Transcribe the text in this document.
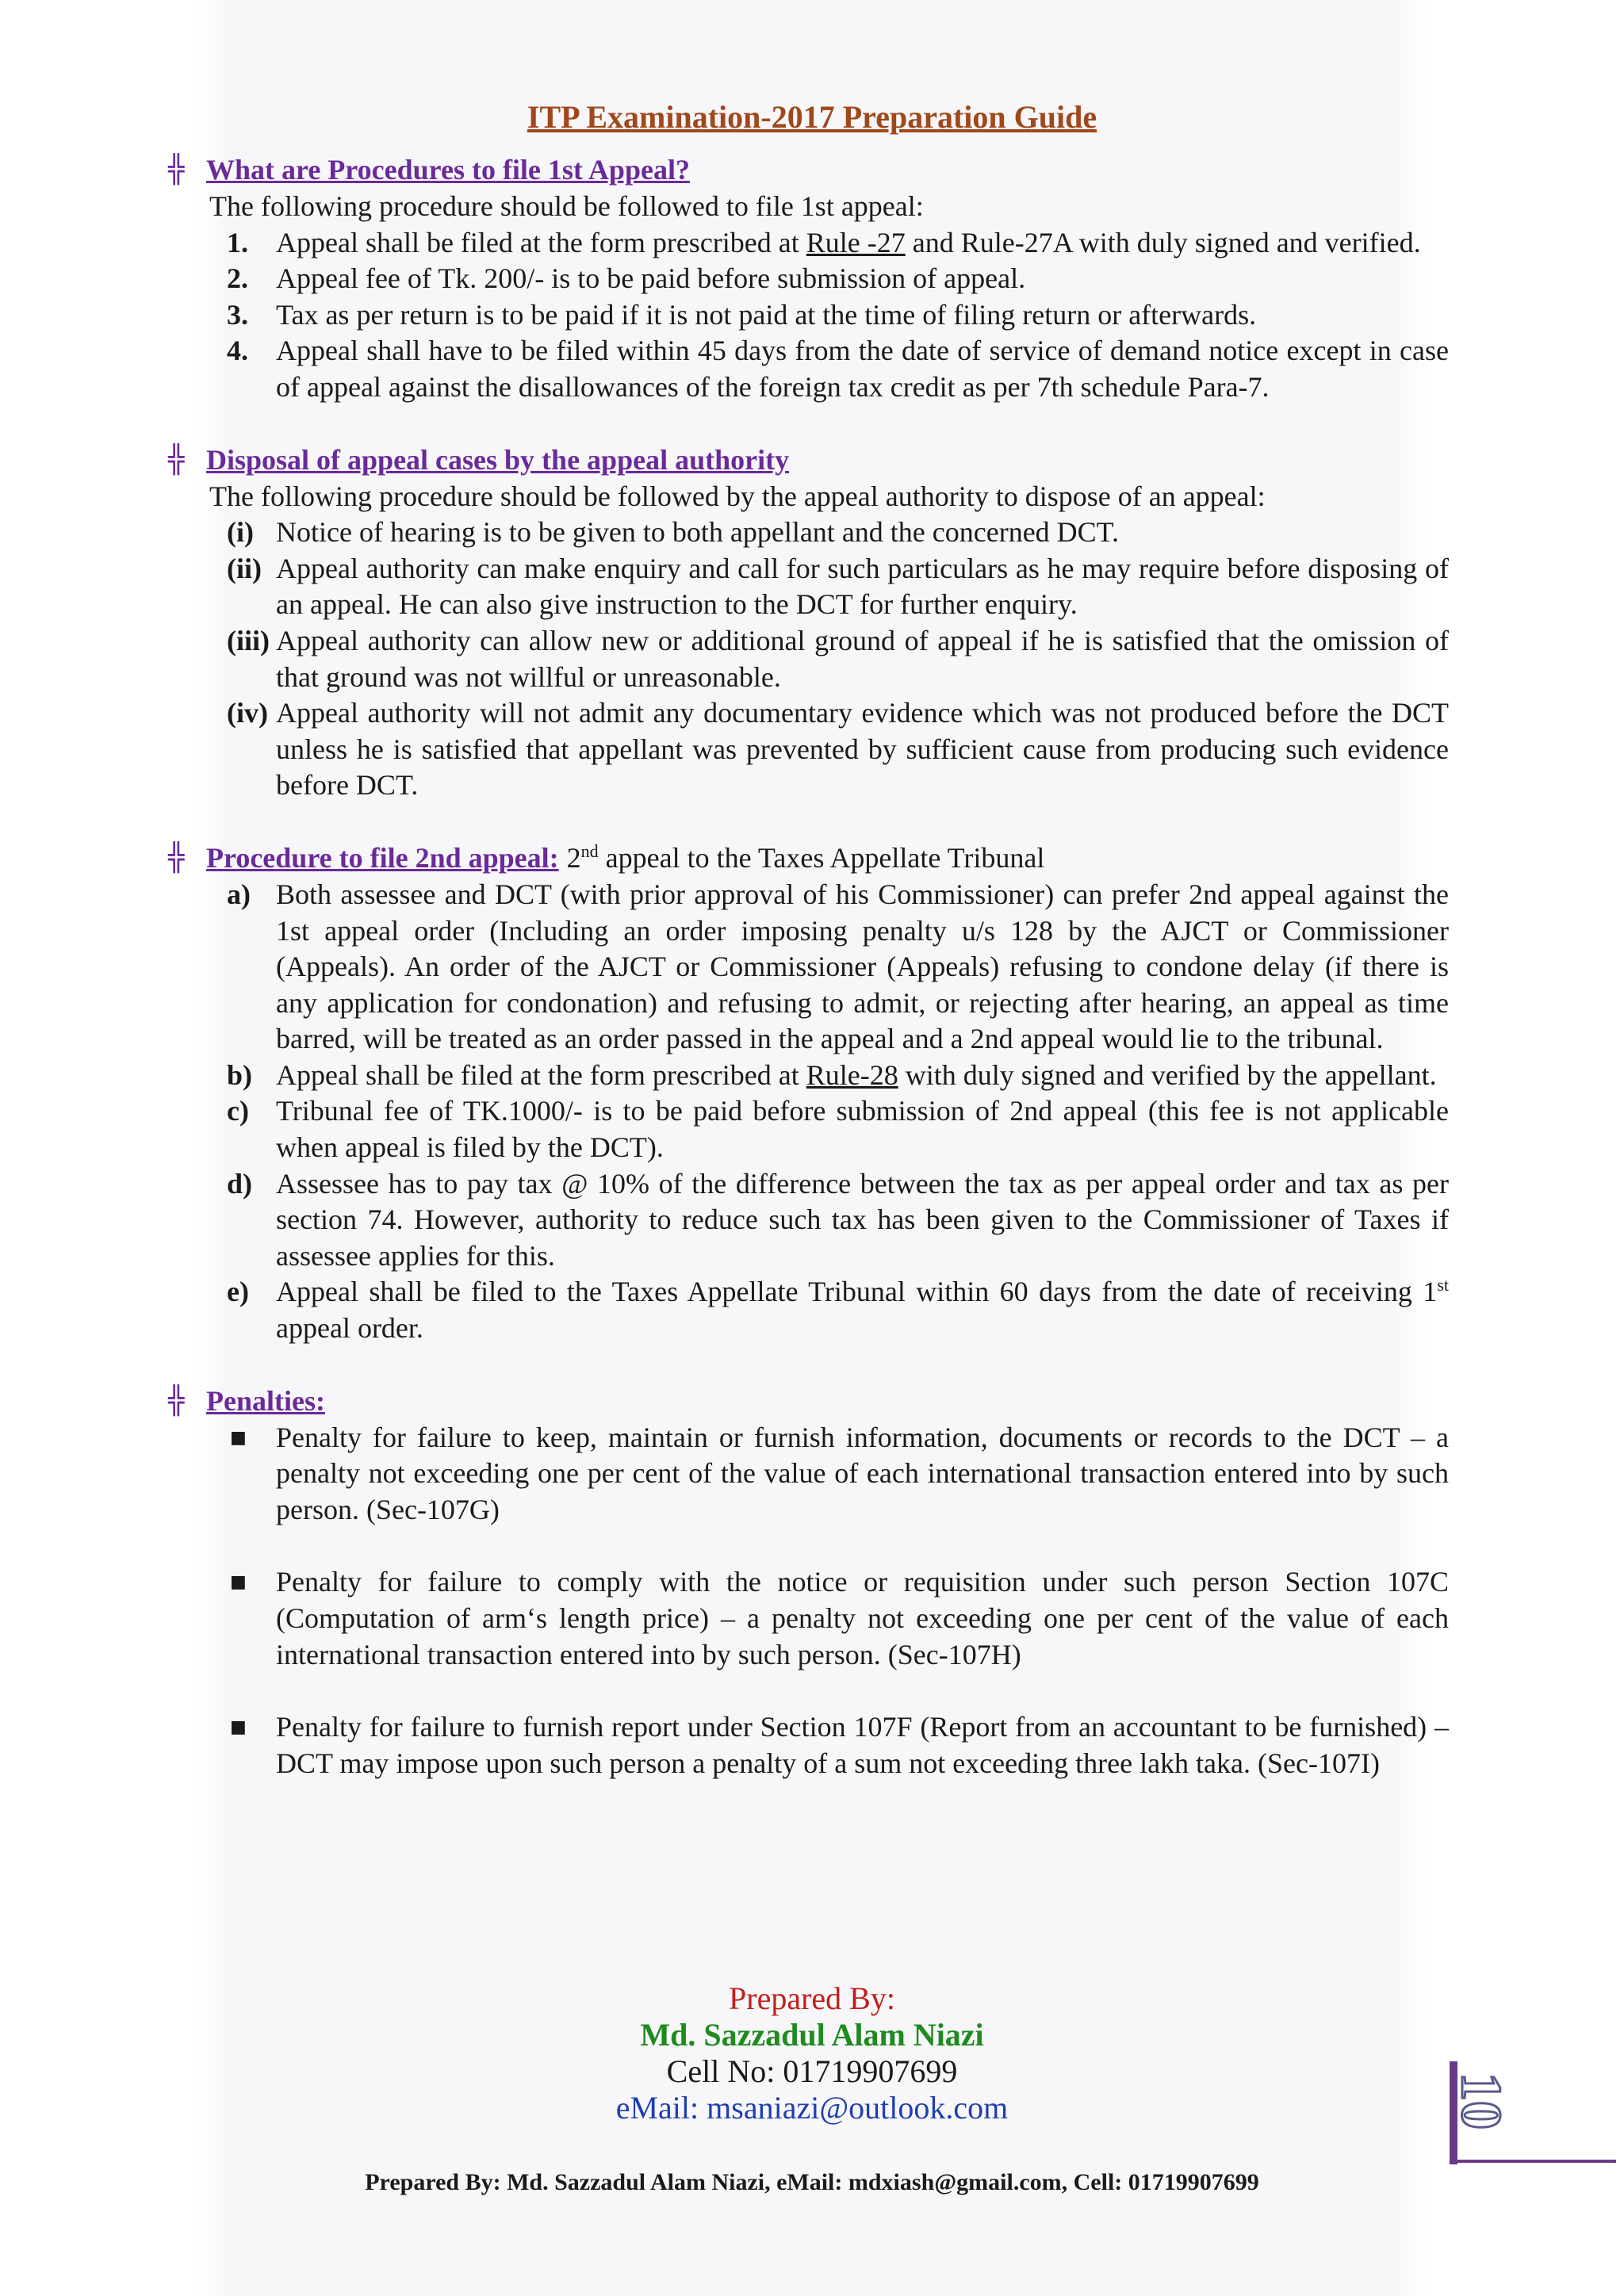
ITP Examination-2017 Preparation Guide
╬ What are Procedures to file 1st Appeal?
The following procedure should be followed to file 1st appeal:
1. Appeal shall be filed at the form prescribed at Rule -27 and Rule-27A with duly signed and verified.
2. Appeal fee of Tk. 200/- is to be paid before submission of appeal.
3. Tax as per return is to be paid if it is not paid at the time of filing return or afterwards.
4. Appeal shall have to be filed within 45 days from the date of service of demand notice except in case of appeal against the disallowances of the foreign tax credit as per 7th schedule Para-7.
╬ Disposal of appeal cases by the appeal authority
The following procedure should be followed by the appeal authority to dispose of an appeal:
(i) Notice of hearing is to be given to both appellant and the concerned DCT.
(ii) Appeal authority can make enquiry and call for such particulars as he may require before disposing of an appeal. He can also give instruction to the DCT for further enquiry.
(iii) Appeal authority can allow new or additional ground of appeal if he is satisfied that the omission of that ground was not willful or unreasonable.
(iv) Appeal authority will not admit any documentary evidence which was not produced before the DCT unless he is satisfied that appellant was prevented by sufficient cause from producing such evidence before DCT.
╬ Procedure to file 2nd appeal: 2nd appeal to the Taxes Appellate Tribunal
a) Both assessee and DCT (with prior approval of his Commissioner) can prefer 2nd appeal against the 1st appeal order (Including an order imposing penalty u/s 128 by the AJCT or Commissioner (Appeals). An order of the AJCT or Commissioner (Appeals) refusing to condone delay (if there is any application for condonation) and refusing to admit, or rejecting after hearing, an appeal as time barred, will be treated as an order passed in the appeal and a 2nd appeal would lie to the tribunal.
b) Appeal shall be filed at the form prescribed at Rule-28 with duly signed and verified by the appellant.
c) Tribunal fee of TK.1000/- is to be paid before submission of 2nd appeal (this fee is not applicable when appeal is filed by the DCT).
d) Assessee has to pay tax @ 10% of the difference between the tax as per appeal order and tax as per section 74. However, authority to reduce such tax has been given to the Commissioner of Taxes if assessee applies for this.
e) Appeal shall be filed to the Taxes Appellate Tribunal within 60 days from the date of receiving 1st appeal order.
╬ Penalties:
■	Penalty for failure to keep, maintain or furnish information, documents or records to the DCT – a penalty not exceeding one per cent of the value of each international transaction entered into by such person. (Sec-107G)
■	Penalty for failure to comply with the notice or requisition under such person Section 107C (Computation of arm‘s length price) – a penalty not exceeding one per cent of the value of each international transaction entered into by such person. (Sec-107H)
■	Penalty for failure to furnish report under Section 107F (Report from an accountant to be furnished) – DCT may impose upon such person a penalty of a sum not exceeding three lakh taka. (Sec-107I)
Prepared By:
Md. Sazzadul Alam Niazi
Cell No: 01719907699
eMail: msaniazi@outlook.com	10
Prepared By: Md. Sazzadul Alam Niazi, eMail: mdxiash@gmail.com, Cell: 01719907699
